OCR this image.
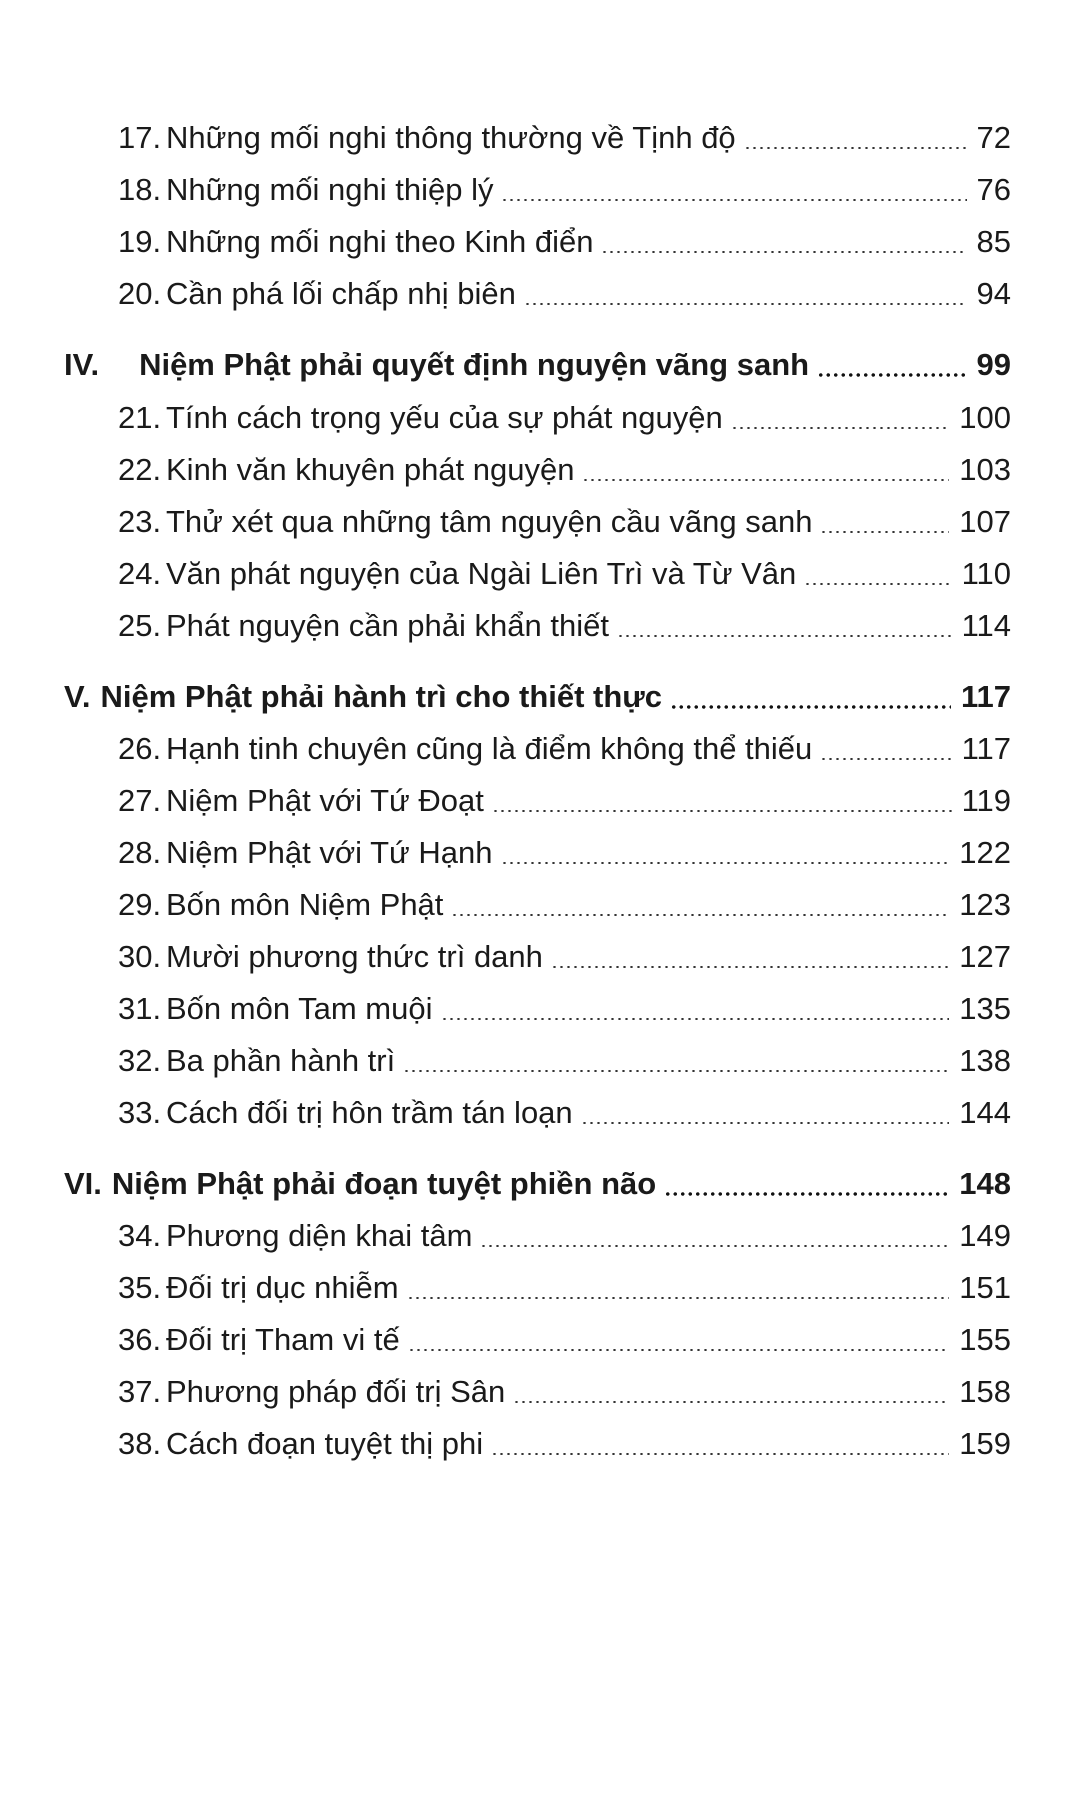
17. Những mối nghi thông thường về Tịnh độ	72
18. Những mối nghi thiệp lý	76
19. Những mối nghi theo Kinh điển	85
20. Cần phá lối chấp nhị biên	94
IV. Niệm Phật phải quyết định nguyện vãng sanh	99
21. Tính cách trọng yếu của sự phát nguyện	100
22. Kinh văn khuyên phát nguyện	103
23. Thử xét qua những tâm nguyện cầu vãng sanh	107
24. Văn phát nguyện của Ngài Liên Trì và Từ Vân	110
25. Phát nguyện cần phải khẩn thiết	114
V. Niệm Phật phải hành trì cho thiết thực	117
26. Hạnh tinh chuyên cũng là điểm không thể thiếu	117
27. Niệm Phật với Tứ Đoạt	119
28. Niệm Phật với Tứ Hạnh	122
29. Bốn môn Niệm Phật	123
30. Mười phương thức trì danh	127
31. Bốn môn Tam muội	135
32. Ba phần hành trì	138
33. Cách đối trị hôn trầm tán loạn	144
VI. Niệm Phật phải đoạn tuyệt phiền não	148
34. Phương diện khai tâm	149
35. Đối trị dục nhiễm	151
36. Đối trị Tham vi tế	155
37. Phương pháp đối trị Sân	158
38. Cách đoạn tuyệt thị phi	159
